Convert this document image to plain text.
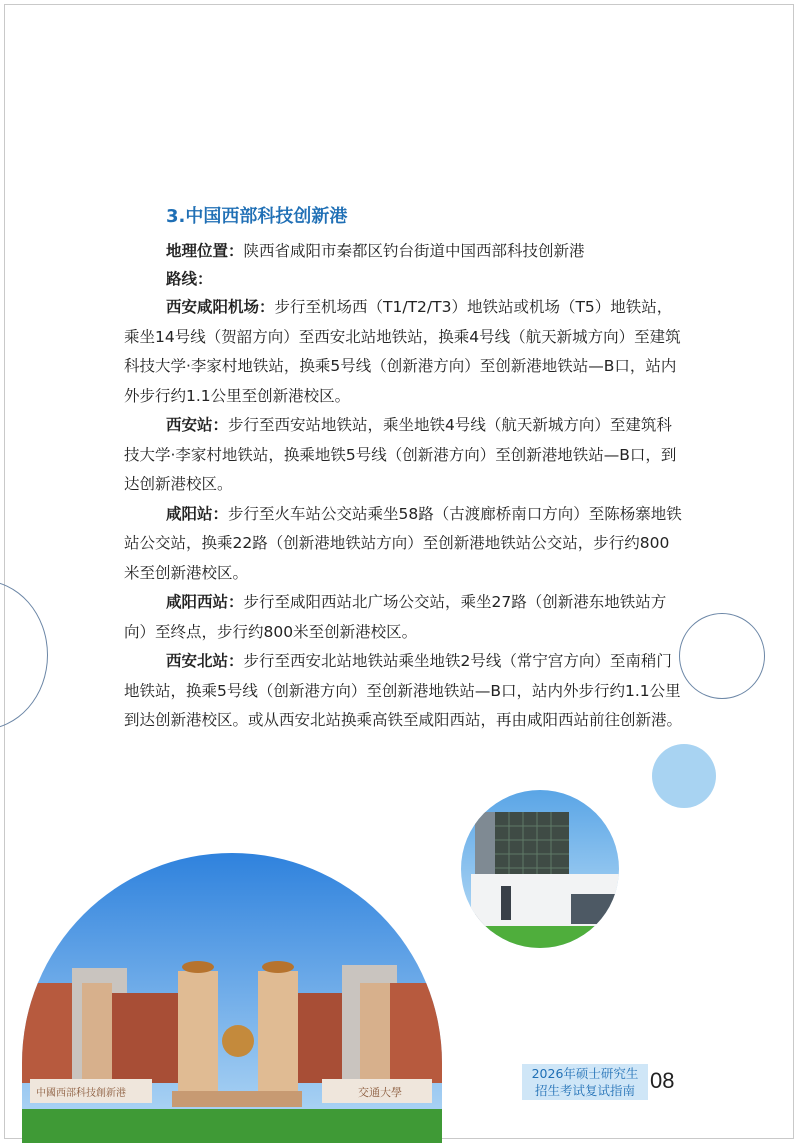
3.中国西部科技创新港

地理位置：陕西省咸阳市秦都区钓台街道中国西部科技创新港

路线：

西安咸阳机场：步行至机场西（T1/T2/T3）地铁站或机场（T5）地铁站，乘坐14号线（贺韶方向）至西安北站地铁站，换乘4号线（航天新城方向）至建筑科技大学·李家村地铁站，换乘5号线（创新港方向）至创新港地铁站—B口，站内外步行约1.1公里至创新港校区。

西安站：步行至西安站地铁站，乘坐地铁4号线（航天新城方向）至建筑科技大学·李家村地铁站，换乘地铁5号线（创新港方向）至创新港地铁站—B口，到达创新港校区。

咸阳站：步行至火车站公交站乘坐58路（古渡廊桥南口方向）至陈杨寨地铁站公交站，换乘22路（创新港地铁站方向）至创新港地铁站公交站，步行约800米至创新港校区。

咸阳西站：步行至咸阳西站北广场公交站，乘坐27路（创新港东地铁站方向）至终点，步行约800米至创新港校区。

西安北站：步行至西安北站地铁站乘坐地铁2号线（常宁宫方向）至南稍门地铁站，换乘5号线（创新港方向）至创新港地铁站—B口，站内外步行约1.1公里到达创新港校区。或从西安北站换乘高铁至咸阳西站，再由咸阳西站前往创新港。

中國西部科技創新港	交通大學
2026年硕士研究生
招生考试复试指南 08
